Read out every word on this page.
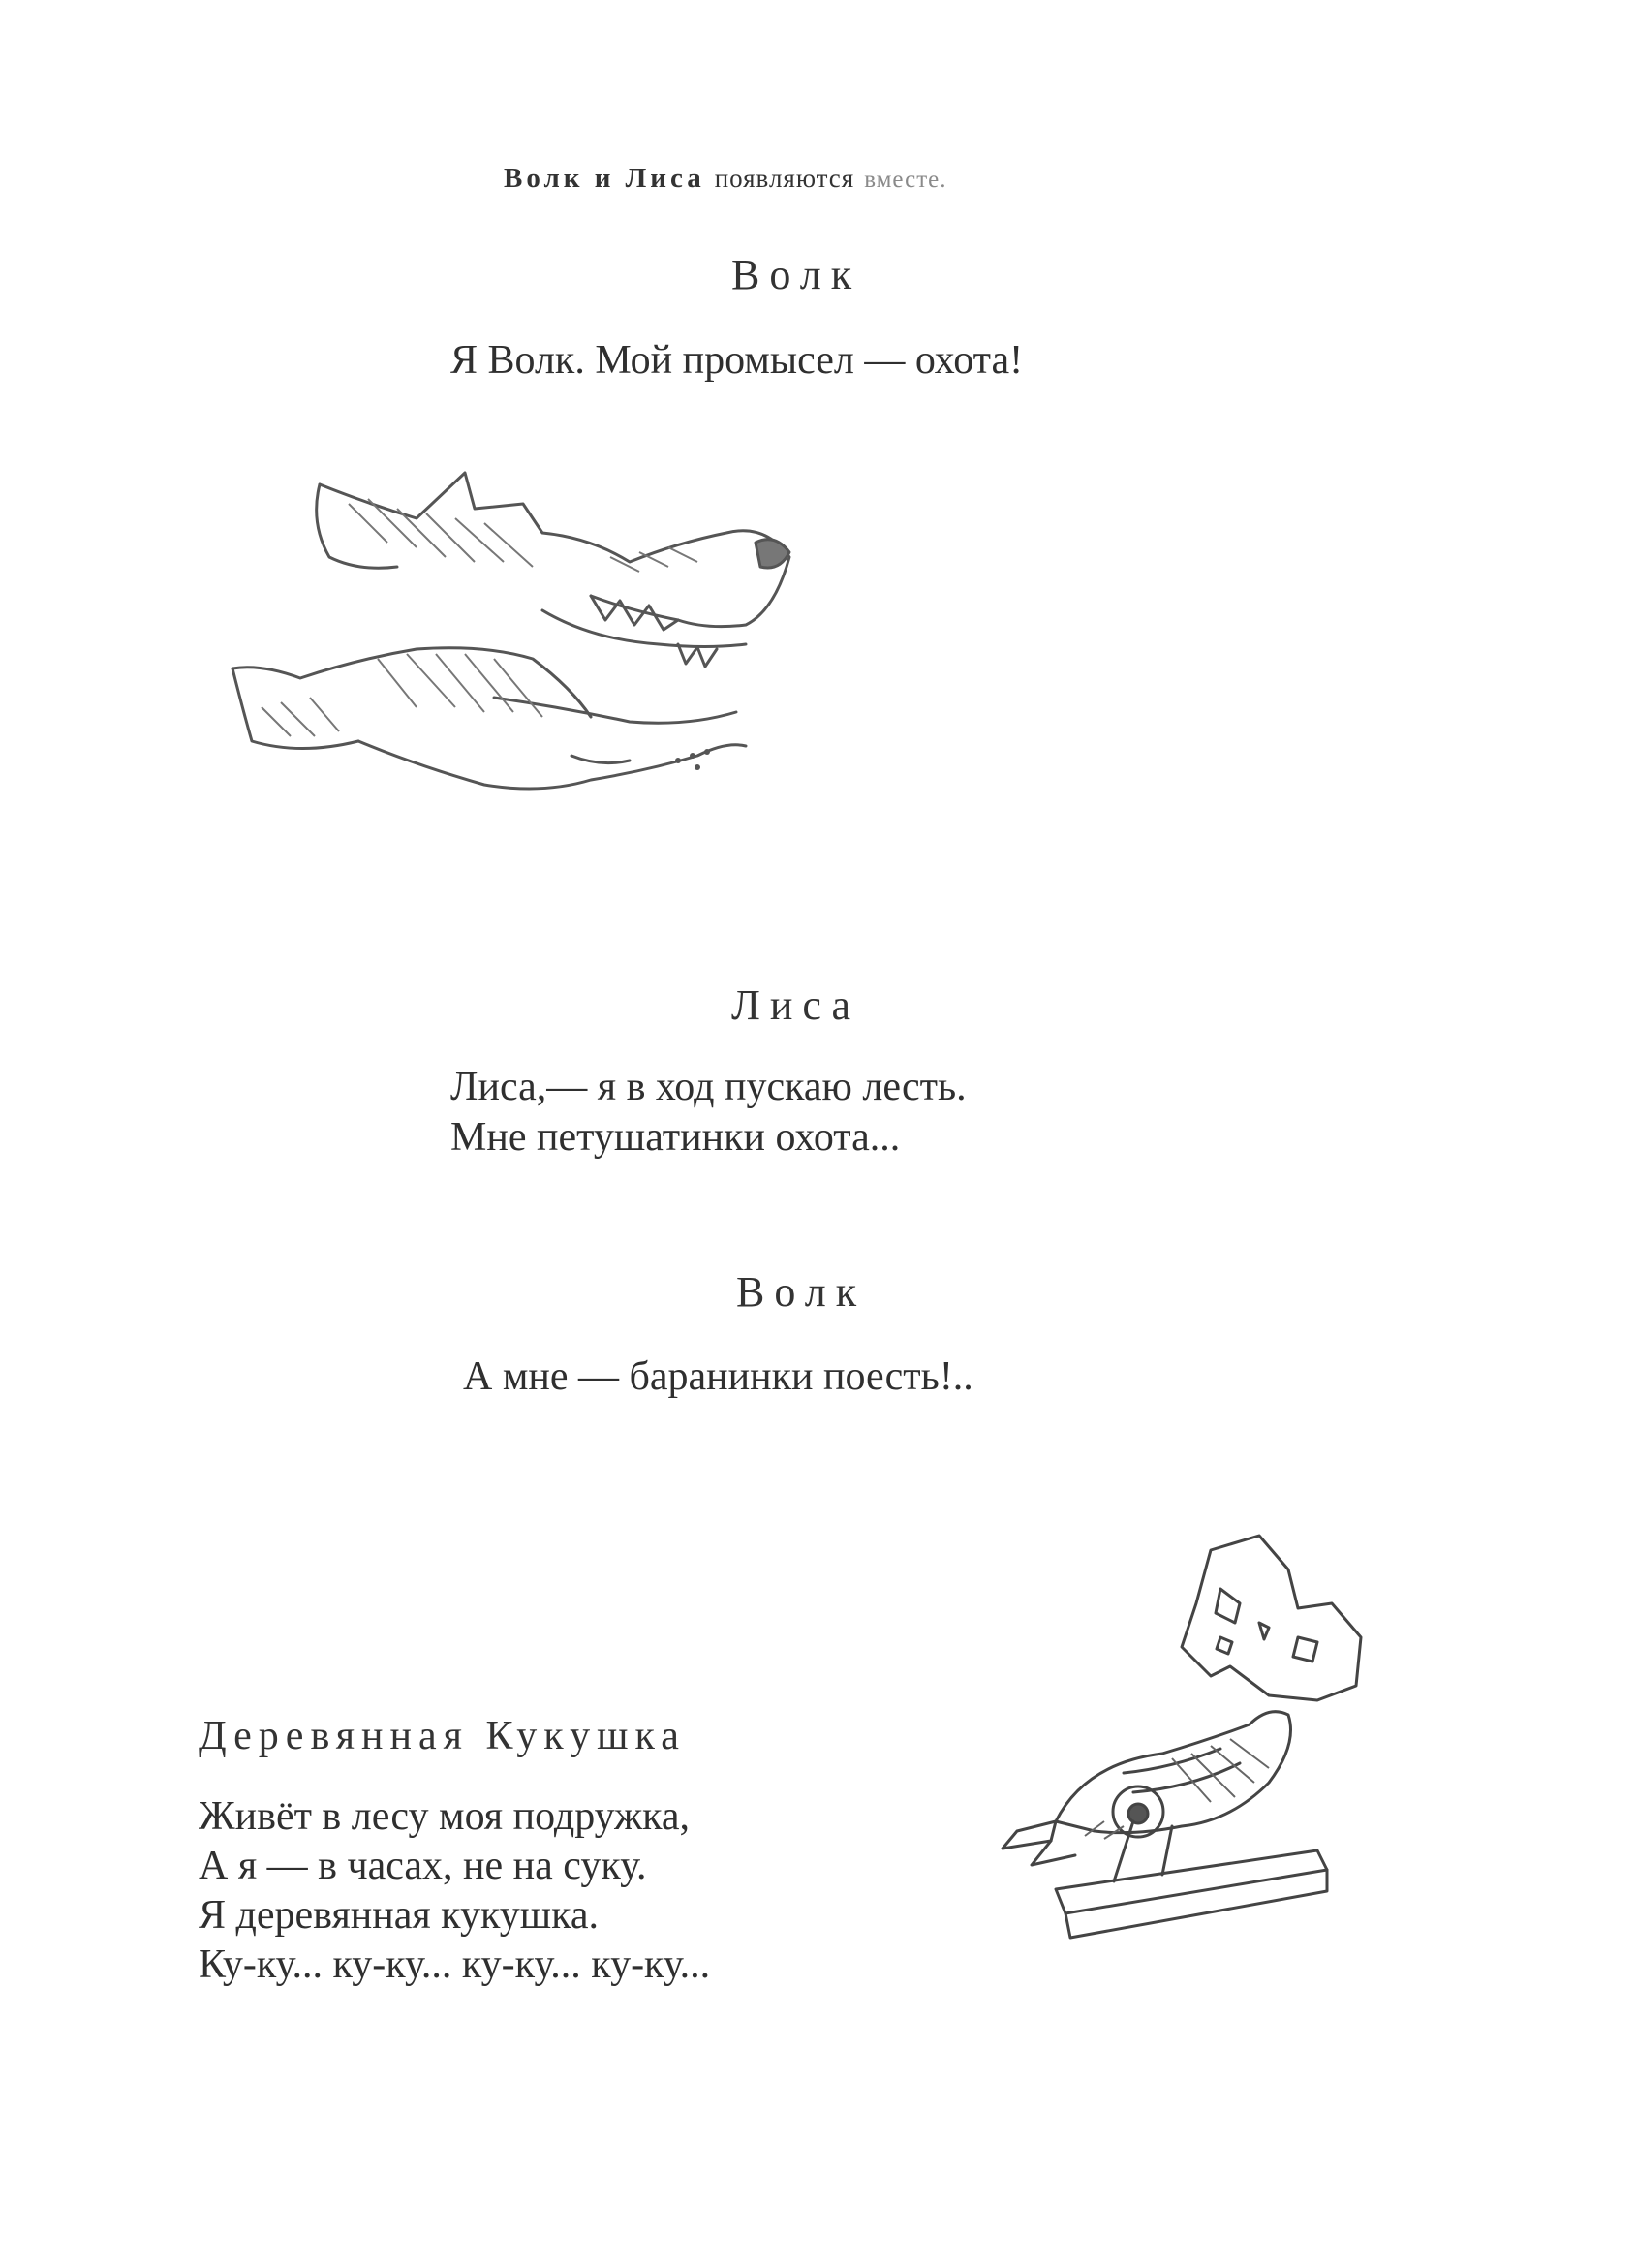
Волк и Лиса появляются вместе.
Волк
Я Волк. Мой промысел — охота!
Лиса
Лиса,— я в ход пускаю лесть.
Мне петушатинки охота...
Волк
А мне — баранинки поесть!..
Деревянная Кукушка
Живёт в лесу моя подружка,
А я — в часах, не на суку.
Я деревянная кукушка.
Ку-ку... ку-ку... ку-ку... ку-ку...
